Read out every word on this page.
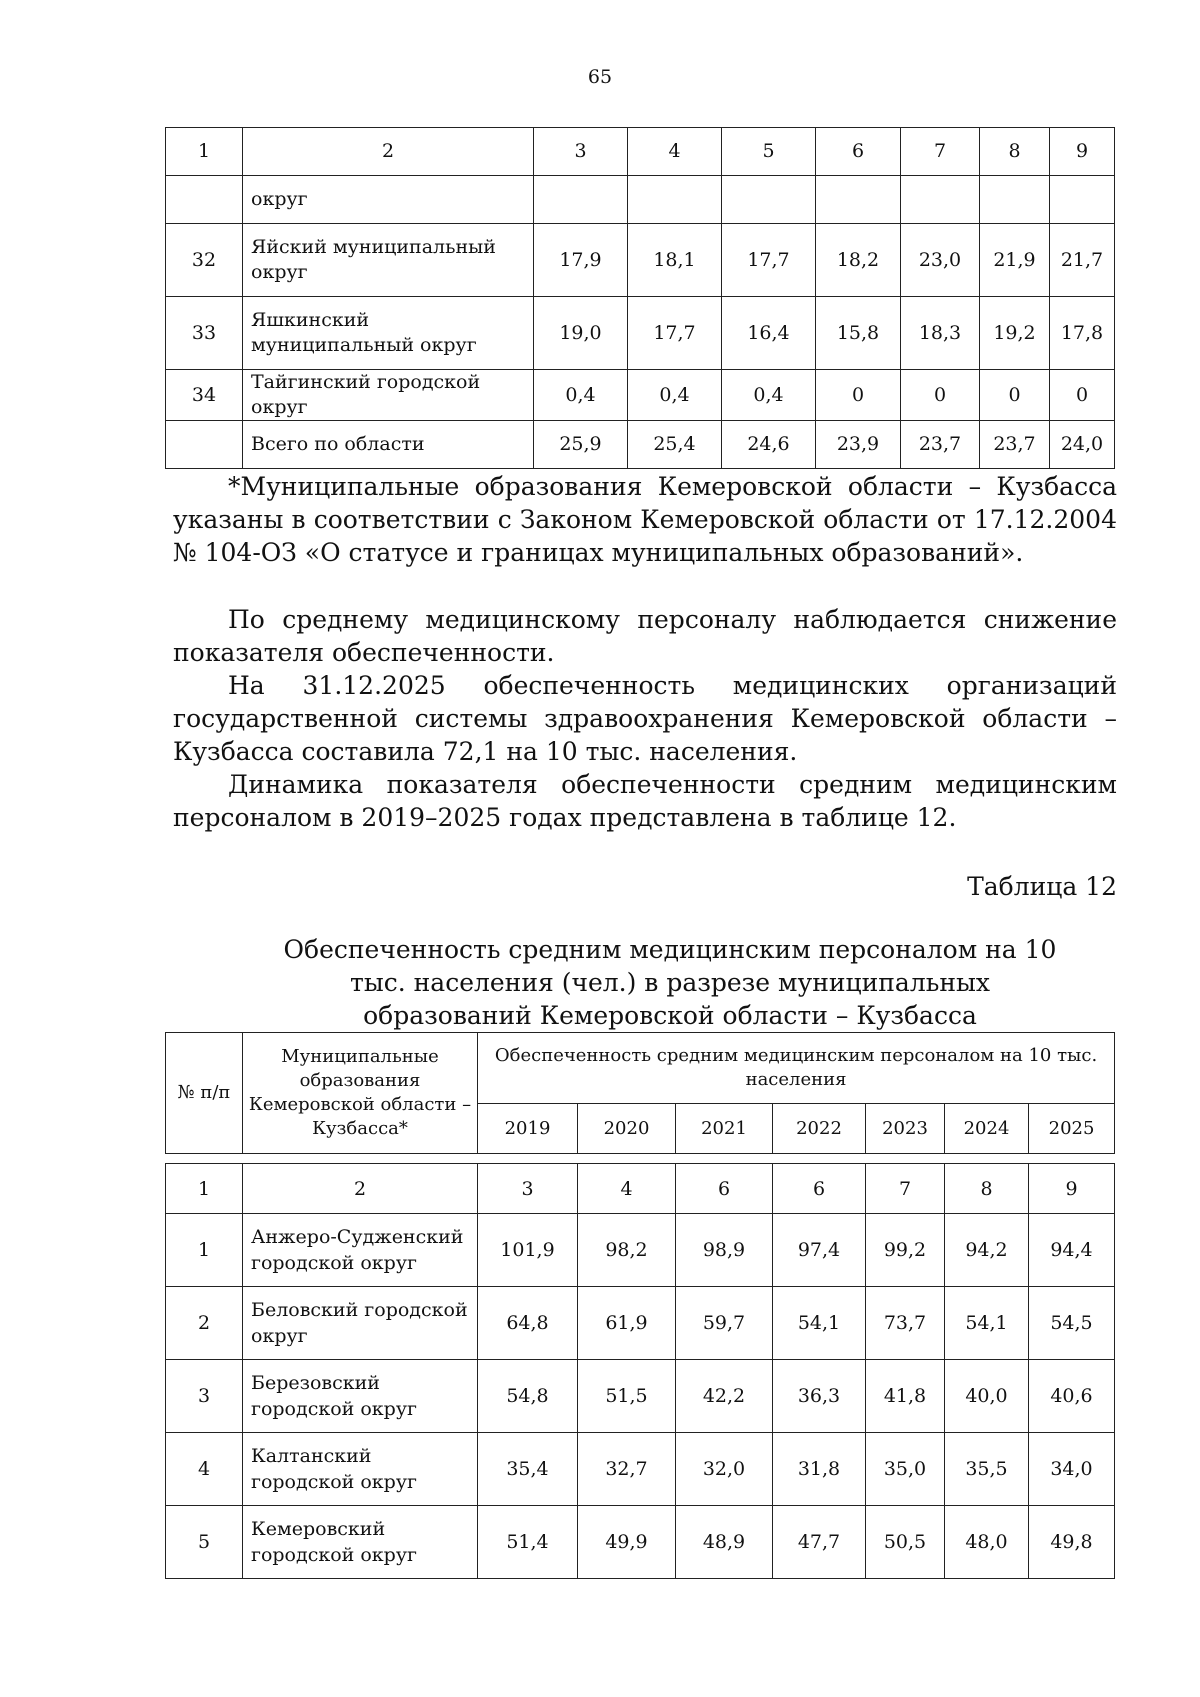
65
1	2	3	4	5	6	7	8	9
	округ							
32	Яйский муниципальный округ	17,9	18,1	17,7	18,2	23,0	21,9	21,7
33	Яшкинский муниципальный округ	19,0	17,7	16,4	15,8	18,3	19,2	17,8
34	Тайгинский городской округ	0,4	0,4	0,4	0	0	0	0
	Всего по области	25,9	25,4	24,6	23,9	23,7	23,7	24,0

*Муниципальные образования Кемеровской области – Кузбасса указаны в соответствии с Законом Кемеровской области от 17.12.2004 № 104-ОЗ «О статусе и границах муниципальных образований».

По среднему медицинскому персоналу наблюдается снижение показателя обеспеченности.

На 31.12.2025 обеспеченность медицинских организаций государственной системы здравоохранения Кемеровской области – Кузбасса составила 72,1 на 10 тыс. населения.

Динамика показателя обеспеченности средним медицинским персоналом в 2019–2025 годах представлена в таблице 12.

Таблица 12
Обеспеченность средним медицинским персоналом на 10 тыс. населения (чел.) в разрезе муниципальных образований Кемеровской области – Кузбасса
№ п/п	Муниципальные образования Кемеровской области – Кузбасса*	Обеспеченность средним медицинским персоналом на 10 тыс. населения						
		2019	2020	2021	2022	2023	2024	2025
1	2	3	4	6	6	7	8	9
1	Анжеро-Судженский городской округ	101,9	98,2	98,9	97,4	99,2	94,2	94,4
2	Беловский городской округ	64,8	61,9	59,7	54,1	73,7	54,1	54,5
3	Березовский городской округ	54,8	51,5	42,2	36,3	41,8	40,0	40,6
4	Калтанский городской округ	35,4	32,7	32,0	31,8	35,0	35,5	34,0
5	Кемеровский городской округ	51,4	49,9	48,9	47,7	50,5	48,0	49,8
